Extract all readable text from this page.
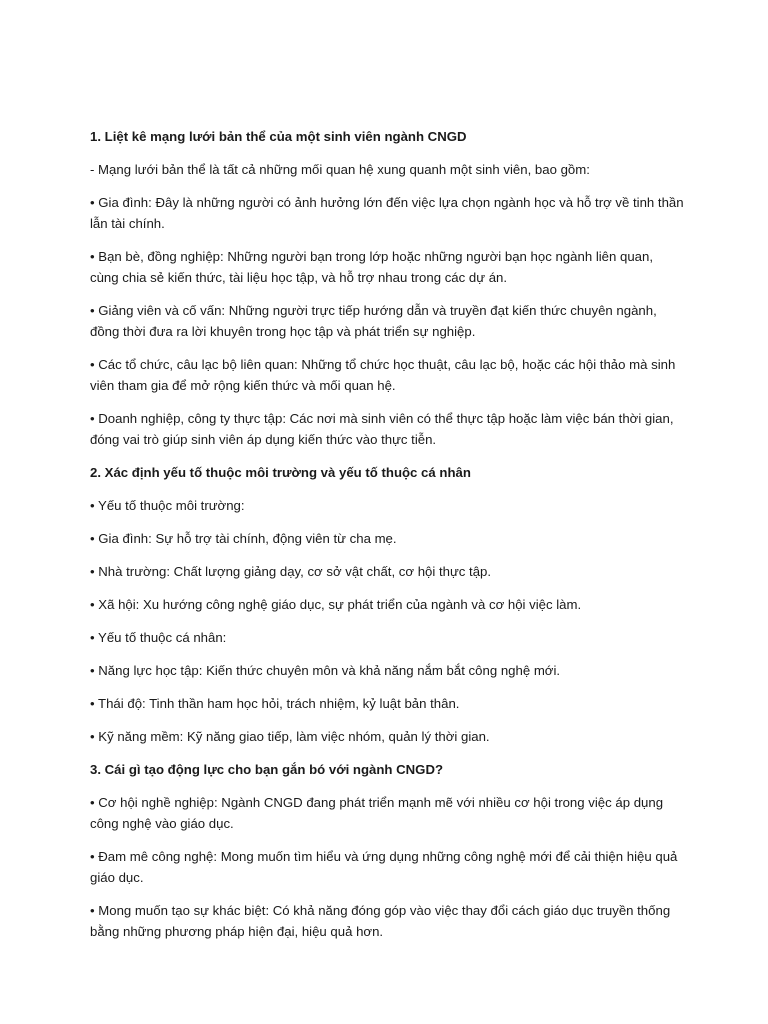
1. Liệt kê mạng lưới bản thể của một sinh viên ngành CNGD

- Mạng lưới bản thể là tất cả những mối quan hệ xung quanh một sinh viên, bao gồm:

• Gia đình: Đây là những người có ảnh hưởng lớn đến việc lựa chọn ngành học và hỗ trợ về tinh thần lẫn tài chính.

• Bạn bè, đồng nghiệp: Những người bạn trong lớp hoặc những người bạn học ngành liên quan, cùng chia sẻ kiến thức, tài liệu học tập, và hỗ trợ nhau trong các dự án.

• Giảng viên và cố vấn: Những người trực tiếp hướng dẫn và truyền đạt kiến thức chuyên ngành, đồng thời đưa ra lời khuyên trong học tập và phát triển sự nghiệp.

• Các tổ chức, câu lạc bộ liên quan: Những tổ chức học thuật, câu lạc bộ, hoặc các hội thảo mà sinh viên tham gia để mở rộng kiến thức và mối quan hệ.

• Doanh nghiệp, công ty thực tập: Các nơi mà sinh viên có thể thực tập hoặc làm việc bán thời gian, đóng vai trò giúp sinh viên áp dụng kiến thức vào thực tiễn.

2. Xác định yếu tố thuộc môi trường và yếu tố thuộc cá nhân

• Yếu tố thuộc môi trường:

• Gia đình: Sự hỗ trợ tài chính, động viên từ cha mẹ.

• Nhà trường: Chất lượng giảng dạy, cơ sở vật chất, cơ hội thực tập.

• Xã hội: Xu hướng công nghệ giáo dục, sự phát triển của ngành và cơ hội việc làm.

• Yếu tố thuộc cá nhân:

• Năng lực học tập: Kiến thức chuyên môn và khả năng nắm bắt công nghệ mới.

• Thái độ: Tinh thần ham học hỏi, trách nhiệm, kỷ luật bản thân.

• Kỹ năng mềm: Kỹ năng giao tiếp, làm việc nhóm, quản lý thời gian.

3. Cái gì tạo động lực cho bạn gắn bó với ngành CNGD?

• Cơ hội nghề nghiệp: Ngành CNGD đang phát triển mạnh mẽ với nhiều cơ hội trong việc áp dụng công nghệ vào giáo dục.

• Đam mê công nghệ: Mong muốn tìm hiểu và ứng dụng những công nghệ mới để cải thiện hiệu quả giáo dục.

• Mong muốn tạo sự khác biệt: Có khả năng đóng góp vào việc thay đổi cách giáo dục truyền thống bằng những phương pháp hiện đại, hiệu quả hơn.
